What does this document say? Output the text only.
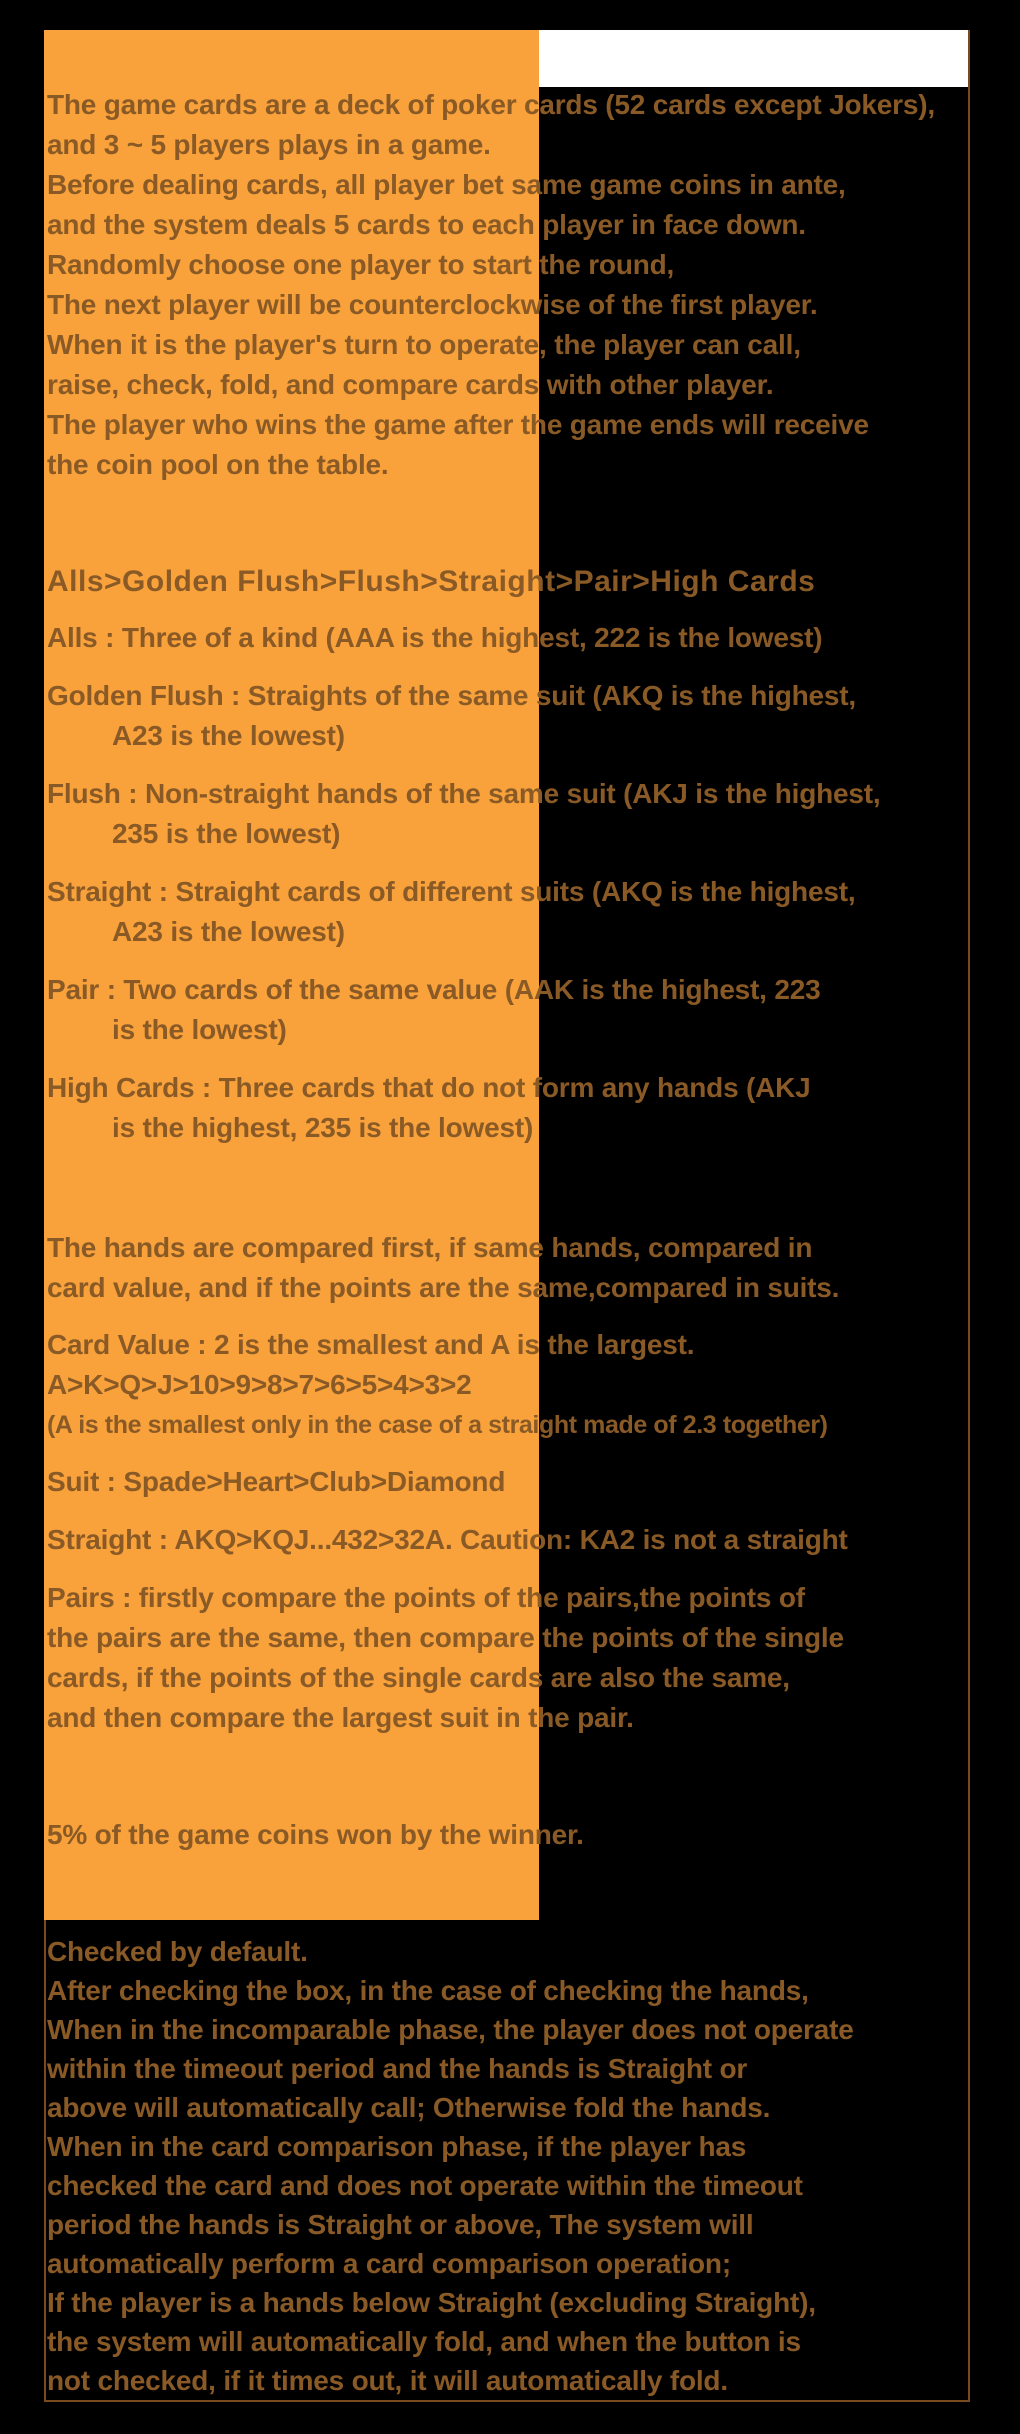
The game cards are a deck of poker cards (52 cards except Jokers),
and 3 ~ 5 players plays in a game.
Before dealing cards, all player bet same game coins in ante,
and the system deals 5 cards to each player in face down.
Randomly choose one player to start the round,
The next player will be counterclockwise of the first player.
When it is the player's turn to operate, the player can call,
raise, check, fold, and compare cards with other player.
The player who wins the game after the game ends will receive
the coin pool on the table.
Alls>Golden Flush>Flush>Straight>Pair>High Cards
Alls : Three of a kind (AAA is the highest, 222 is the lowest)
Golden Flush : Straights of the same suit (AKQ is the highest,
A23 is the lowest)
Flush : Non-straight hands of the same suit (AKJ is the highest,
235 is the lowest)
Straight : Straight cards of different suits (AKQ is the highest,
A23 is the lowest)
Pair : Two cards of the same value (AAK is the highest, 223
is the lowest)
High Cards : Three cards that do not form any hands (AKJ
is the highest, 235 is the lowest)
The hands are compared first, if same hands, compared in
card value, and if the points are the same,compared in suits.
Card Value : 2 is the smallest and A is the largest.
A>K>Q>J>10>9>8>7>6>5>4>3>2
(A is the smallest only in the case of a straight made of 2.3 together)
Suit : Spade>Heart>Club>Diamond
Straight : AKQ>KQJ...432>32A. Caution: KA2 is not a straight
Pairs : firstly compare the points of the pairs,the points of
the pairs are the same, then compare the points of the single
cards, if the points of the single cards are also the same,
and then compare the largest suit in the pair.
5% of the game coins won by the winner.
Checked by default.
After checking the box, in the case of checking the hands,
When in the incomparable phase, the player does not operate
within the timeout period and the hands is Straight or
above will automatically call; Otherwise fold the hands.
When in the card comparison phase, if the player has
checked the card and does not operate within the timeout
period the hands is Straight or above, The system will
automatically perform a card comparison operation;
If the player is a hands below Straight (excluding Straight),
the system will automatically fold, and when the button is
not checked, if it times out, it will automatically fold.
